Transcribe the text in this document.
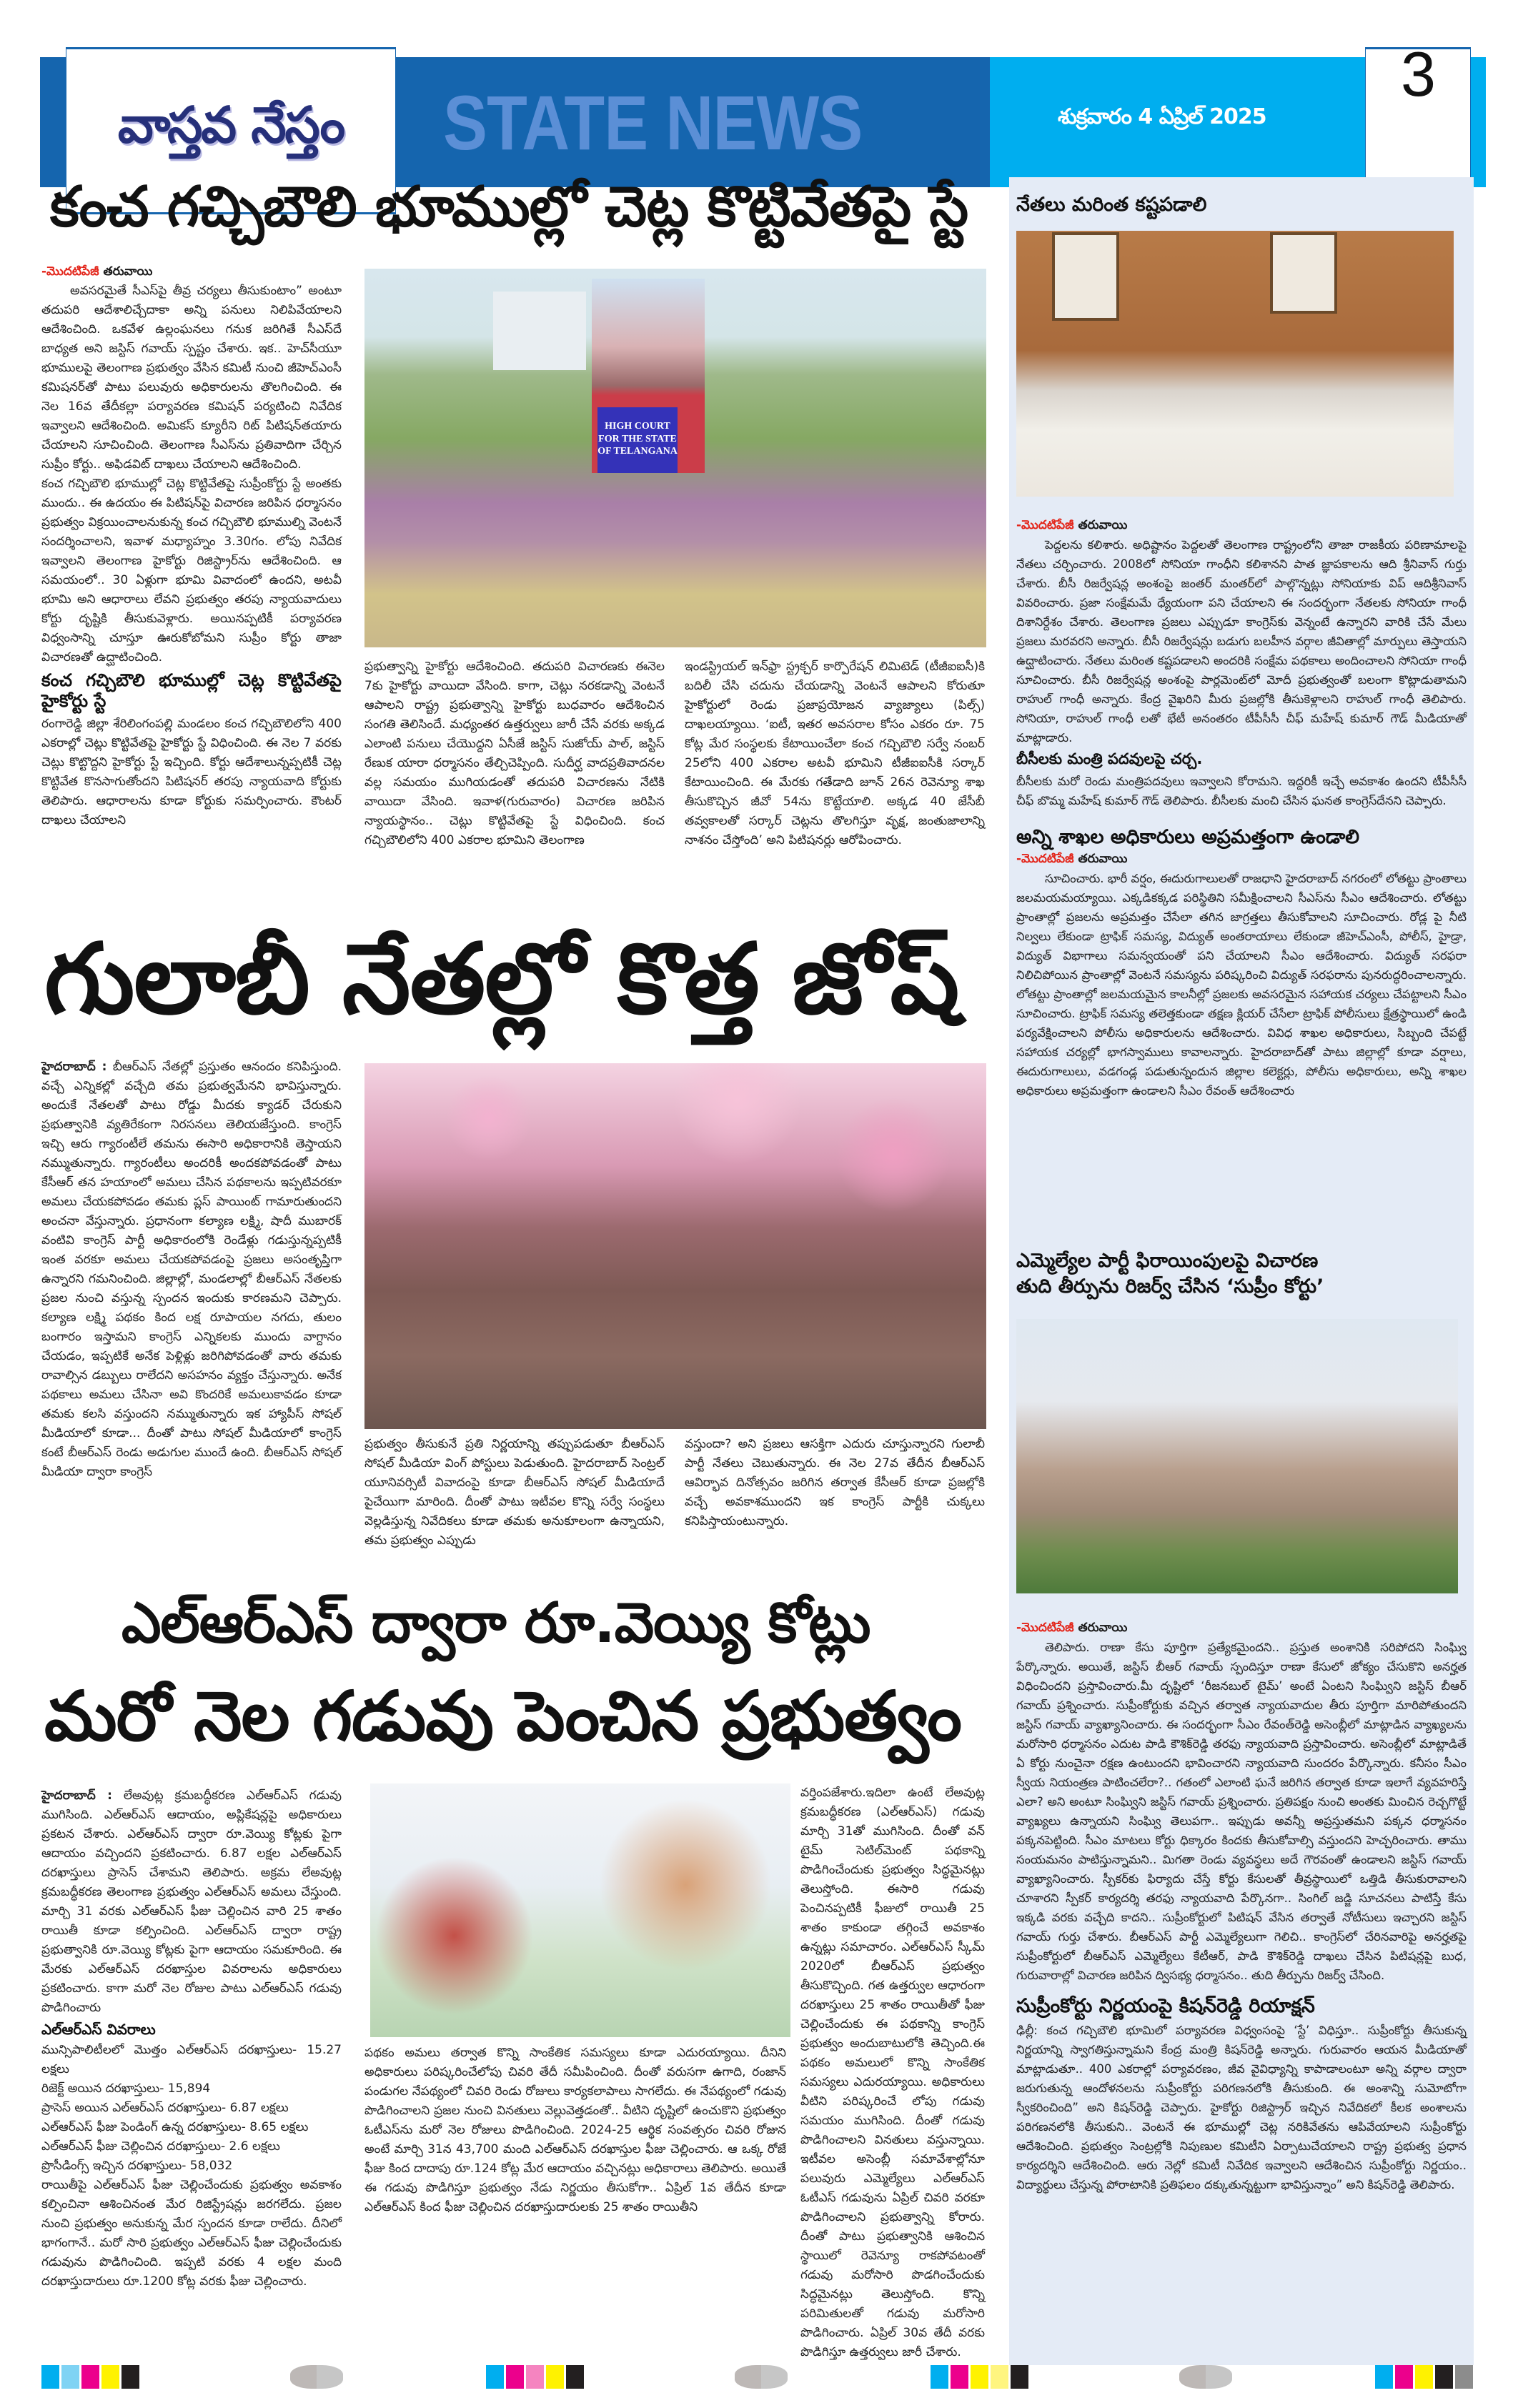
వాస్తవ నేస్తం STATE NEWS	శుక్రవారం 4 ఏప్రిల్ 2025
3
కంచ గచ్చిబౌలి భూముల్లో చెట్ల కొట్టివేతపై స్టే
-మొదటిపేజీ తరువాయి

అవసరమైతే సీఎస్‌పై తీవ్ర చర్యలు తీసుకుంటాం” అంటూ తదుపరి ఆదేశాలిచ్చేదాకా అన్ని పనులు నిలిపివేయాలని ఆదేశించింది. ఒకవేళ ఉల్లంఘనలు గనుక జరిగితే సీఎస్‌దే బాధ్యత అని జస్టిస్ గవాయ్ స్పష్టం చేశారు. ఇక.. హెచ్‌సీయూ భూములపై తెలంగాణ ప్రభుత్వం వేసిన కమిటీ నుంచి జీహెచ్ఎంసీ కమిషనర్‌తో పాటు పలువురు అధికారులను తొలగించింది. ఈ నెల 16వ తేదీకల్లా పర్యావరణ కమిషన్ పర్యటించి నివేదిక ఇవ్వాలని ఆదేశించింది. అమికస్ క్యూరీని రిట్ పిటిషన్‌తయారు చేయాలని సూచించింది. తెలంగాణ సీఎస్‌ను ప్రతివాదిగా చేర్చిన సుప్రీం కోర్టు.. అఫిడవిట్ దాఖలు చేయాలని ఆదేశించింది.

కంచ గచ్చిబౌలి భూముల్లో చెట్ల కొట్టివేతపై సుప్రీంకోర్టు స్టే అంతకు ముందు.. ఈ ఉదయం ఈ పిటిషన్‌పై విచారణ జరిపిన ధర్మాసనం ప్రభుత్వం విక్రయించాలనుకున్న కంచ గచ్చిబౌలి భూముల్ని వెంటనే సందర్శించాలని, ఇవాళ మధ్యాహ్నం 3.30గం. లోపు నివేదిక ఇవ్వాలని తెలంగాణ హైకోర్టు రిజిస్ట్రార్‌ను ఆదేశించింది. ఆ సమయంలో.. 30 ఏళ్లుగా భూమి వివాదంలో ఉందని, అటవీ భూమి అని ఆధారాలు లేవని ప్రభుత్వం తరపు న్యాయవాదులు కోర్టు దృష్టికి తీసుకువెళ్లారు. అయినప్పటికీ పర్యావరణ విధ్వంసాన్ని చూస్తూ ఊరుకోబోమని సుప్రీం కోర్టు తాజా విచారణతో ఉద్ఘాటించింది.

కంచ గచ్చిబౌలి భూముల్లో చెట్ల కొట్టివేతపై హైకోర్టు స్టే

రంగారెడ్డి జిల్లా శేరిలింగంపల్లి మండలం కంచ గచ్చిబౌలిలోని 400 ఎకరాల్లో చెట్లు కొట్టివేతపై హైకోర్టు స్టే విధించింది. ఈ నెల 7 వరకు చెట్లు కొట్టొద్దని హైకోర్టు స్టే ఇచ్చింది. కోర్టు ఆదేశాలున్నప్పటికీ చెట్ల కొట్టివేత కొనసాగుతోందని పిటిషనర్ తరపు న్యాయవాది కోర్టుకు తెలిపారు. ఆధారాలను కూడా కోర్టుకు సమర్పించారు. కౌంటర్ దాఖలు చేయాలని

HIGH COURT FOR THE STATE OF TELANGANA

ప్రభుత్వాన్ని హైకోర్టు ఆదేశించింది. తదుపరి విచారణకు ఈనెల 7కు హైకోర్టు వాయిదా వేసింది. కాగా, చెట్లు నరకడాన్ని వెంటనే ఆపాలని రాష్ట్ర ప్రభుత్వాన్ని హైకోర్టు బుధవారం ఆదేశించిన సంగతి తెలిసిందే. మధ్యంతర ఉత్తర్వులు జారీ చేసే వరకు అక్కడ ఎలాంటి పనులు చేయొద్దని ఏసీజే జస్టిస్ సుజోయ్ పాల్, జస్టిస్ రేణుక యారా ధర్మాసనం తేల్చిచెప్పింది. సుదీర్ఘ వాదప్రతివాదనల వల్ల సమయం ముగియడంతో తదుపరి విచారణను నేటికి వాయిదా వేసింది. ఇవాళ(గురువారం) విచారణ జరిపిన న్యాయస్థానం.. చెట్లు కొట్టివేతపై స్టే విధించింది. కంచ గచ్చిబౌలిలోని 400 ఎకరాల భూమిని తెలంగాణ

ఇండస్ట్రియల్ ఇన్‌ఫ్రా స్ట్రక్చర్ కార్పొరేషన్ లిమిటెడ్ (టీజీఐఐసీ)కి బదిలీ చేసి చదును చేయడాన్ని వెంటనే ఆపాలని కోరుతూ హైకోర్టులో రెండు ప్రజాప్రయోజన వ్యాజ్యాలు (పిల్స్) దాఖలయ్యాయి. ‘ఐటీ, ఇతర అవసరాల కోసం ఎకరం రూ. 75 కోట్ల మేర సంస్థలకు కేటాయించేలా కంచ గచ్చిబౌలి సర్వే నంబర్ 25లోని 400 ఎకరాల అటవీ భూమిని టీజీఐఐసీకి సర్కార్ కేటాయించింది. ఈ మేరకు గతేడాది జూన్ 26న రెవెన్యూ శాఖ తీసుకొచ్చిన జీవో 54ను కొట్టేయాలి. అక్కడ 40 జేసీబీ తవ్వకాలతో సర్కార్ చెట్లను తొలగిస్తూ వృక్ష, జంతుజాలాన్ని నాశనం చేస్తోంది’ అని పిటిషనర్లు ఆరోపించారు.

గులాబీ నేతల్లో కొత్త జోష్

హైదరాబాద్ : బీఆర్ఎస్ నేతల్లో ప్రస్తుతం ఆనందం కనిపిస్తుంది. వచ్చే ఎన్నికల్లో వచ్చేది తమ ప్రభుత్వమేనని భావిస్తున్నారు. అందుకే నేతలతో పాటు రోడ్డు మీదకు క్యాడర్ చేరుకుని ప్రభుత్వానికి వ్యతిరేకంగా నిరసనలు తెలియజేస్తుంది. కాంగ్రెస్ ఇచ్చి ఆరు గ్యారంటీలే తమను ఈసారి అధికారానికి తెస్తాయని నమ్ముతున్నారు. గ్యారంటీలు అందరికీ అందకపోవడంతో పాటు కేసీఆర్ తన హయాంలో అమలు చేసిన పథకాలను ఇప్పటివరకూ అమలు చేయకపోవడం తమకు ప్లస్ పాయింట్ గామారుతుందని అంచనా వేస్తున్నారు. ప్రధానంగా కల్యాణ లక్ష్మి, షాదీ ముబారక్ వంటివి కాంగ్రెస్ పార్టీ అధికారంలోకి రెండేళ్లు గడుస్తున్నప్పటికీ ఇంత వరకూ అమలు చేయకపోవడంపై ప్రజలు అసంతృప్తిగా ఉన్నారని గమనించింది. జిల్లాల్లో, మండలాల్లో బీఆర్ఎస్ నేతలకు ప్రజల నుంచి వస్తున్న స్పందన ఇందుకు కారణమని చెప్పారు. కల్యాణ లక్ష్మి పథకం కింద లక్ష రూపాయల నగదు, తులం బంగారం ఇస్తామని కాంగ్రెస్ ఎన్నికలకు ముందు వాగ్దానం చేయడం, ఇప్పటికే అనేక పెళ్లిళ్లు జరిగిపోవడంతో వారు తమకు రావాల్సిన డబ్బులు రాలేదని అసహనం వ్యక్తం చేస్తున్నారు. అనేక పథకాలు అమలు చేసినా అవి కొందరికే అమలుకావడం కూడా తమకు కలసి వస్తుందని నమ్ముతున్నారు ఇక హ్యాపీస్ సోషల్ మీడియాలో కూడా... దీంతో పాటు సోషల్ మీడియాలో కాంగ్రెస్ కంటే బీఆర్ఎస్ రెండు అడుగుల ముందే ఉంది. బీఆర్ఎస్ సోషల్ మీడియా ద్వారా కాంగ్రెస్

ప్రభుత్వం తీసుకునే ప్రతి నిర్ణయాన్ని తప్పుపడుతూ బీఆర్ఎస్ సోషల్ మీడియా వింగ్ పోస్టులు పెడుతుంది. హైదరాబాద్ సెంట్రల్ యూనివర్సిటీ వివాదంపై కూడా బీఆర్ఎస్ సోషల్ మీడియాదే పైచేయిగా మారింది. దీంతో పాటు ఇటీవల కొన్ని సర్వే సంస్థలు వెల్లడిస్తున్న నివేదికలు కూడా తమకు అనుకూలంగా ఉన్నాయని, తమ ప్రభుత్వం ఎప్పుడు

వస్తుందా? అని ప్రజలు ఆసక్తిగా ఎదురు చూస్తున్నారని గులాబీ పార్టీ నేతలు చెబుతున్నారు. ఈ నెల 27వ తేదీన బీఆర్ఎస్ ఆవిర్భావ దినోత్సవం జరిగిన తర్వాత కేసీఆర్ కూడా ప్రజల్లోకి వచ్చే అవకాశముందని ఇక కాంగ్రెస్ పార్టీకి చుక్కలు కనిపిస్తాయంటున్నారు.

ఎల్ఆర్ఎస్ ద్వారా రూ.వెయ్యి కోట్లు
మరో నెల గడువు పెంచిన ప్రభుత్వం

హైదరాబాద్ : లేఅవుట్ల క్రమబద్ధీకరణ ఎల్ఆర్ఎస్ గడువు ముగిసింది. ఎల్ఆర్ఎస్ ఆదాయం, అప్లికేషన్లపై అధికారులు ప్రకటన చేశారు. ఎల్ఆర్ఎస్ ద్వారా రూ.వెయ్యి కోట్లకు పైగా ఆదాయం వచ్చిందని ప్రకటించారు. 6.87 లక్షల ఎల్ఆర్ఎస్ దరఖాస్తులు ప్రాసెస్ చేశామని తెలిపారు. అక్రమ లేఅవుట్ల క్రమబద్ధీకరణ తెలంగాణ ప్రభుత్వం ఎల్ఆర్ఎస్ అమలు చేస్తుంది. మార్చి 31 వరకు ఎల్ఆర్ఎస్ ఫీజు చెల్లించిన వారి 25 శాతం రాయితీ కూడా కల్పించింది. ఎల్ఆర్ఎస్ ద్వారా రాష్ట్ర ప్రభుత్వానికి రూ.వెయ్యి కోట్లకు పైగా ఆదాయం సమకూరింది. ఈ మేరకు ఎల్ఆర్ఎస్ దరఖాస్తుల వివరాలను అధికారులు ప్రకటించారు. కాగా మరో నెల రోజుల పాటు ఎల్ఆర్ఎస్ గడువు పొడిగించారు

ఎల్ఆర్ఎస్ వివరాలు
మున్సిపాలిటీలలో మొత్తం ఎల్ఆర్ఎస్ దరఖాస్తులు- 15.27 లక్షలు
రిజెక్ట్ అయిన దరఖాస్తులు- 15,894
ప్రాసెస్ అయిన ఎల్ఆర్ఎస్ దరఖాస్తులు- 6.87 లక్షలు
ఎల్ఆర్ఎస్ ఫీజు పెండింగ్ ఉన్న దరఖాస్తులు- 8.65 లక్షలు
ఎల్ఆర్ఎస్ ఫీజు చెల్లించిన దరఖాస్తులు- 2.6 లక్షలు
ప్రొసీడింగ్స్ ఇచ్చిన దరఖాస్తులు- 58,032

రాయితీపై ఎల్ఆర్ఎస్ ఫీజు చెల్లించేందుకు ప్రభుత్వం అవకాశం కల్పించినా ఆశించినంత మేర రిజిస్ట్రేషన్లు జరగలేదు. ప్రజల నుంచి ప్రభుత్వం అనుకున్న మేర స్పందన కూడా రాలేదు. దీనిలో భాగంగానే.. మరో సారి ప్రభుత్వం ఎల్ఆర్ఎస్ ఫీజు చెల్లించేందుకు గడువును పొడిగించింది. ఇప్పటి వరకు 4 లక్షల మంది దరఖాస్తుదారులు రూ.1200 కోట్ల వరకు ఫీజు చెల్లించారు.

వర్తింపజేశారు.ఇదిలా ఉంటే లేఅవుట్ల క్రమబద్ధీకరణ (ఎల్ఆర్ఎస్) గడువు మార్చి 31తో ముగిసింది. దీంతో వన్ టైమ్ సెటిల్‌మెంట్ పథకాన్ని పొడిగించేందుకు ప్రభుత్వం సిద్ధమైనట్లు తెలుస్తోంది. ఈసారి గడువు పెంచినప్పటికీ ఫీజులో రాయితీ 25 శాతం కాకుండా తగ్గించే అవకాశం ఉన్నట్లు సమాచారం. ఎల్ఆర్ఎస్ స్కీమ్ 2020లో బీఆర్ఎస్ ప్రభుత్వం తీసుకొచ్చింది. గత ఉత్తర్వుల ఆధారంగా దరఖాస్తులు 25 శాతం రాయితీతో ఫీజు చెల్లించేందుకు ఈ పథకాన్ని కాంగ్రెస్ ప్రభుత్వం అందుబాటులోకి తెచ్చింది.ఈ పథకం అమలులో కొన్ని సాంకేతిక సమస్యలు ఎదురయ్యాయి. అధికారులు వీటిని పరిష్కరించే లోపు గడువు సమయం ముగిసింది. దీంతో గడువు పొడిగించాలని వినతులు వస్తున్నాయి. ఇటీవల అసెంబ్లీ సమావేశాల్లోనూ పలువురు ఎమ్మెల్యేలు ఎల్ఆర్ఎస్ ఓటీఎస్ గడువును ఏప్రిల్ చివరి వరకూ పొడిగించాలని ప్రభుత్వాన్ని కోరారు. దీంతో పాటు ప్రభుత్వానికి ఆశించిన స్థాయిలో రెవెన్యూ రాకపోవటంతో గడువు మరోసారి పొడగించేందుకు సిద్ధమైనట్లు తెలుస్తోంది. కొన్ని పరిమితులతో గడువు మరోసారి పొడిగించారు. ఏప్రిల్ 30వ తేదీ వరకు పొడిగిస్తూ ఉత్తర్వులు జారీ చేశారు.

పథకం అమలు తర్వాత కొన్ని సాంకేతిక సమస్యలు కూడా ఎదురయ్యాయి. దీనిని అధికారులు పరిష్కరించేలోపు చివరి తేదీ సమీపించింది. దీంతో వరుసగా ఉగాది, రంజాన్ పండుగల నేపథ్యంలో చివరి రెండు రోజులు కార్యకలాపాలు సాగలేదు. ఈ నేపథ్యంలో గడువు పొడిగించాలని ప్రజల నుంచి వినతులు వెల్లువెత్తడంతో.. వీటిని దృష్టిలో ఉంచుకొని ప్రభుత్వం ఓటీఎస్‌ను మరో నెల రోజులు పొడిగించింది. 2024-25 ఆర్థిక సంవత్సరం చివరి రోజున అంటే మార్చి 31న 43,700 మంది ఎల్ఆర్ఎస్ దరఖాస్తుల ఫీజు చెల్లించారు. ఆ ఒక్క రోజే ఫీజు కింద దాదాపు రూ.124 కోట్ల మేర ఆదాయం వచ్చినట్లు అధికారాలు తెలిపారు. అయితే ఈ గడువు పొడిగిస్తూ ప్రభుత్వం నేడు నిర్ణయం తీసుకోగా.. ఏప్రిల్ 1వ తేదీన కూడా ఎల్ఆర్ఎస్ కింద ఫీజు చెల్లించిన దరఖాస్తుదారులకు 25 శాతం రాయితీని

నేతలు మరింత కష్టపడాలి
-మొదటిపేజీ తరువాయి

పెద్దలను కలిశారు. అధిష్టానం పెద్దలతో తెలంగాణ రాష్ట్రంలోని తాజా రాజకీయ పరిణామాలపై నేతలు చర్చించారు. 2008లో సోనియా గాంధీని కలిశానని పాత జ్ఞాపకాలను ఆది శ్రీనివాస్ గుర్తు చేశారు. బీసీ రిజర్వేషన్ల అంశంపై జంతర్ మంతర్‌లో పాల్గొన్నట్లు సోనియాకు విప్ ఆదిశ్రీనివాస్ వివరించారు. ప్రజా సంక్షేమమే ధ్యేయంగా పని చేయాలని ఈ సందర్భంగా నేతలకు సోనియా గాంధీ దిశానిర్దేశం చేశారు. తెలంగాణ ప్రజలు ఎప్పుడూ కాంగ్రెస్‌కు వెన్నంటే ఉన్నారని వారికి చేసే మేలు ప్రజలు మరవరని అన్నారు. బీసీ రిజర్వేషన్లు బడుగు బలహీన వర్గాల జీవితాల్లో మార్పులు తెస్తాయని ఉద్ఘాటించారు. నేతలు మరింత కష్టపడాలని అందరికి సంక్షేమ పథకాలు అందించాలని సోనియా గాంధీ సూచించారు. బీసీ రిజర్వేషన్ల అంశంపై పార్లమెంట్‌లో మోదీ ప్రభుత్వంతో బలంగా కొట్లాడుతామని రాహుల్ గాంధీ అన్నారు. కేంద్ర వైఖరిని మీరు ప్రజల్లోకి తీసుకెళ్లాలని రాహుల్ గాంధీ తెలిపారు. సోనియా, రాహుల్ గాంధీ లతో భేటీ అనంతరం టీపీసీసీ చీఫ్ మహేష్ కుమార్ గౌడ్ మీడియాతో మాట్లాడారు.

బీసీలకు మంత్రి పదవులపై చర్చ.

బీసీలకు మరో రెండు మంత్రిపదవులు ఇవ్వాలని కోరామని. ఇద్దరికీ ఇచ్చే అవకాశం ఉందని టీపీసీసీ చీఫ్ బొమ్మ మహేష్ కుమార్ గౌడ్ తెలిపారు. బీసీలకు మంచి చేసిన ఘనత కాంగ్రెస్‌దేనని చెప్పారు.

అన్ని శాఖల అధికారులు అప్రమత్తంగా ఉండాలి
-మొదటిపేజీ తరువాయి

సూచించారు. భారీ వర్షం, ఈదురుగాలులతో రాజధాని హైదరాబాద్ నగరంలో లోతట్టు ప్రాంతాలు జలమయమయ్యాయి. ఎక్కడికక్కడ పరిస్థితిని సమీక్షించాలని సీఎస్‌ను సీఎం ఆదేశించారు. లోతట్టు ప్రాంతాల్లో ప్రజలను అప్రమత్తం చేసేలా తగిన జాగ్రత్తలు తీసుకోవాలని సూచించారు. రోడ్ల పై నీటి నిల్వలు లేకుండా ట్రాఫిక్ సమస్య, విద్యుత్ అంతరాయాలు లేకుండా జీహెచ్ఎంసీ, పోలీస్, హైడ్రా, విద్యుత్ విభాగాలు సమన్వయంతో పని చేయాలని సీఎం ఆదేశించారు. విద్యుత్ సరఫరా నిలిచిపోయిన ప్రాంతాల్లో వెంటనే సమస్యను పరిష్కరించి విద్యుత్ సరఫరాను పునరుద్ధరించాలన్నారు. లోతట్టు ప్రాంతాల్లో జలమయమైన కాలనీల్లో ప్రజలకు అవసరమైన సహాయక చర్యలు చేపట్టాలని సీఎం సూచించారు. ట్రాఫిక్ సమస్య తలెత్తకుండా తక్షణ క్లియర్ చేసేలా ట్రాఫిక్ పోలీసులు క్షేత్రస్థాయిలో ఉండి పర్యవేక్షించాలని పోలీసు అధికారులను ఆదేశించారు. వివిధ శాఖల అధికారులు, సిబ్బంది చేపట్టే సహాయక చర్యల్లో భాగస్వాములు కావాలన్నారు. హైదరాబాద్‌తో పాటు జిల్లాల్లో కూడా వర్షాలు, ఈదురుగాలులు, వడగండ్ల పడుతున్నందున జిల్లాల కలెక్టర్లు, పోలీసు అధికారులు, అన్ని శాఖల అధికారులు అప్రమత్తంగా ఉండాలని సీఎం రేవంత్ ఆదేశించారు

ఎమ్మెల్యేల పార్టీ ఫిరాయింపులపై విచారణ
తుది తీర్పును రిజర్వ్ చేసిన ‘సుప్రీం కోర్టు’
-మొదటిపేజీ తరువాయి

తెలిపారు. రాణా కేసు పూర్తిగా ప్రత్యేకమైందని.. ప్రస్తుత అంశానికి సరిపోదని సింఘ్వి పేర్కొన్నారు. అయితే, జస్టిస్ బీఆర్ గవాయ్ స్పందిస్తూ రాణా కేసులో జోక్యం చేసుకొని అనర్హత విధించిందని ప్రస్తావించారు.మీ దృష్టిలో ‘రీజనబుల్ టైమ్’ అంటే ఏంటని సింఘ్విని జస్టిస్ బీఆర్ గవాయ్ ప్రశ్నించారు. సుప్రీంకోర్టుకు వచ్చిన తర్వాత న్యాయవాదుల తీరు పూర్తిగా మారిపోతుందని జస్టిస్ గవాయ్ వ్యాఖ్యానించారు. ఈ సందర్భంగా సీఎం రేవంత్‌రెడ్డి అసెంబ్లీలో మాట్లాడిన వ్యాఖ్యలను మరోసారి ధర్మాసనం ఎదుట పాడి కౌశిక్‌రెడ్డి తరఫు న్యాయవాది ప్రస్తావించారు. అసెంబ్లీలో మాట్లాడితే ఏ కోర్టు నుంచైనా రక్షణ ఉంటుందని భావించారని న్యాయవాది సుందరం పేర్కొన్నారు. కనీసం సీఎం స్వీయ నియంత్రణ పాటించలేరా?.. గతంలో ఎలాంటి ఘనే జరిగిన తర్వాత కూడా ఇలాగే వ్యవహరిస్తే ఎలా? అని అంటూ సింఘ్విని జస్టిస్ గవాయ్ ప్రశ్నించారు. ప్రతిపక్షం నుంచి అంతకు మించిన రెచ్చగొట్టే వ్యాఖ్యలు ఉన్నాయని సింఘ్వి తెలుపగా.. ఇప్పుడు అవన్నీ అప్రస్తుతమని పక్కన ధర్మాసనం పక్కనపెట్టింది. సీఎం మాటలు కోర్టు ధిక్కారం కిందకు తీసుకోవాల్సి వస్తుందని హెచ్చరించారు. తాము సంయమనం పాటిస్తున్నామని.. మిగతా రెండు వ్యవస్థలు అదే గౌరవంతో ఉండాలని జస్టిస్ గవాయ్ వ్యాఖ్యానించారు. స్పీకర్‌కు ఫిర్యాదు చేస్తే కోర్టు కేసులతో తీవ్రస్థాయిలో ఒత్తిడి తీసుకురావాలని చూశారని స్పీకర్ కార్యదర్శి తరఫు న్యాయవాది పేర్కొనగా.. సింగిల్ జడ్జి సూచనలు పాటిస్తే కేసు ఇక్కడి వరకు వచ్చేది కాదని.. సుప్రీంకోర్టులో పిటిషన్ వేసిన తర్వాతే నోటీసులు ఇచ్చారని జస్టిస్ గవాయ్ గుర్తు చేశారు. బీఆర్ఎస్ పార్టీ ఎమ్మెల్యేలుగా గెలిచి.. కాంగ్రెస్‌లో చేరినవారిపై అనర్హతపై సుప్రీంకోర్టులో బీఆర్ఎస్ ఎమ్మెల్యేలు కేటీఆర్, పాడి కౌశిక్‌రెడ్డి దాఖలు చేసిన పిటిషన్లపై బుధ, గురువారాల్లో విచారణ జరిపిన ద్విసభ్య ధర్మాసనం.. తుది తీర్పును రిజర్వ్ చేసింది.

సుప్రీంకోర్టు నిర్ణయంపై కిషన్‌రెడ్డి రియాక్షన్

ఢిల్లీ: కంచ గచ్చిబౌలి భూమిలో పర్యావరణ విధ్వంసంపై ‘స్టే’ విధిస్తూ.. సుప్రీంకోర్టు తీసుకున్న నిర్ణయాన్ని స్వాగతిస్తున్నామని కేంద్ర మంత్రి కిషన్‌రెడ్డి అన్నారు. గురువారం ఆయన మీడియాతో మాట్లాడుతూ.. 400 ఎకరాల్లో పర్యావరణం, జీవ వైవిధ్యాన్ని కాపాడాలంటూ అన్ని వర్గాల ద్వారా జరుగుతున్న ఆందోళనలను సుప్రీంకోర్టు పరిగణనలోకి తీసుకుంది. ఈ అంశాన్ని సుమోటో‌గా స్వీకరించింది” అని కిషన్‌రెడ్డి చెప్పారు. హైకోర్టు రిజిస్ట్రార్ ఇచ్చిన నివేదికలో కీలక అంశాలను పరిగణనలోకి తీసుకుని.. వెంటనే ఈ భూముల్లో చెట్ల నరికివేతను ఆపివేయాలని సుప్రీంకోర్టు ఆదేశించింది. ప్రభుత్వం సెంట్రల్లోకి నిపుణుల కమిటీని ఏర్పాటుచేయాలని రాష్ట్ర ప్రభుత్వ ప్రధాన కార్యదర్శిని ఆదేశించింది. ఆరు నెల్లో కమిటీ నివేదిక ఇవ్వాలని ఆదేశించిన సుప్రీంకోర్టు నిర్ణయం.. విద్యార్థులు చేస్తున్న పోరాటానికి ప్రతిఫలం దక్కుతున్నట్టుగా భావిస్తున్నాం” అని కిషన్‌రెడ్డి తెలిపారు.
